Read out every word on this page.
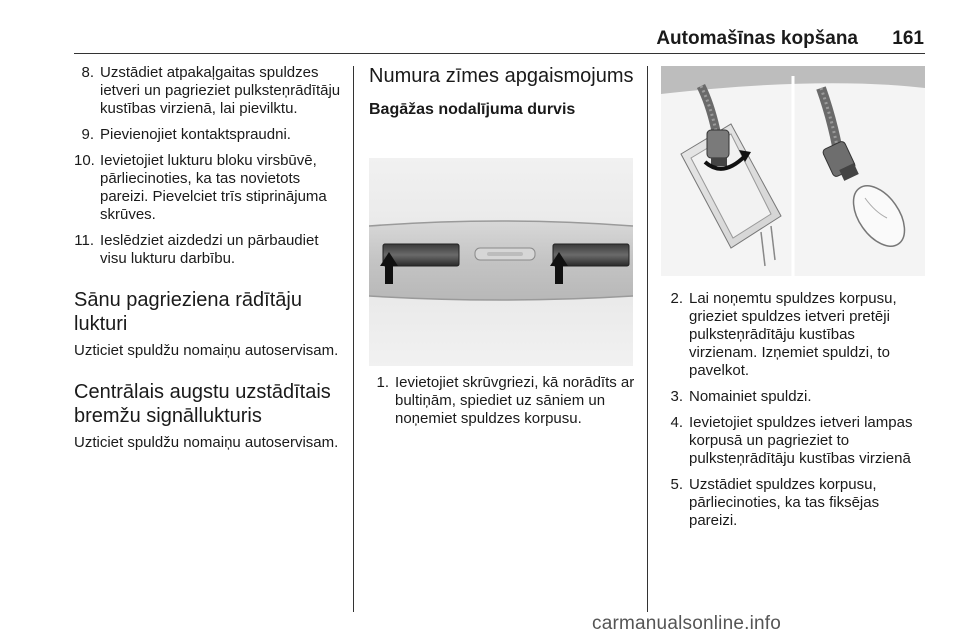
Automašīnas kopšana 161
8. Uzstādiet atpakaļgaitas spuldzes ietveri un pagrieziet pulksteņrādītāju kustības virzienā, lai pievilktu.
9. Pievienojiet kontaktspraudni.
10. Ievietojiet lukturu bloku virsbūvē, pārliecinoties, ka tas novietots pareizi. Pievelciet trīs stiprinājuma skrūves.
11. Ieslēdziet aizdedzi un pārbaudiet visu lukturu darbību.
Sānu pagrieziena rādītāju lukturi

Uzticiet spuldžu nomaiņu autoservisam.

Centrālais augstu uzstādītais bremžu signāllukturis

Uzticiet spuldžu nomaiņu autoservisam.

Numura zīmes apgaismojums
Bagāžas nodalījuma durvis
1. Ievietojiet skrūvgriezi, kā norādīts ar bultiņām, spiediet uz sāniem un noņemiet spuldzes korpusu.
2. Lai noņemtu spuldzes korpusu, grieziet spuldzes ietveri pretēji pulksteņrādītāju kustības virzienam. Izņemiet spuldzi, to pavelkot.
3. Nomainiet spuldzi.
4. Ievietojiet spuldzes ietveri lampas korpusā un pagrieziet to pulksteņrādītāju kustības virzienā
5. Uzstādiet spuldzes korpusu, pārliecinoties, ka tas fiksējas pareizi.
carmanualsonline.info
